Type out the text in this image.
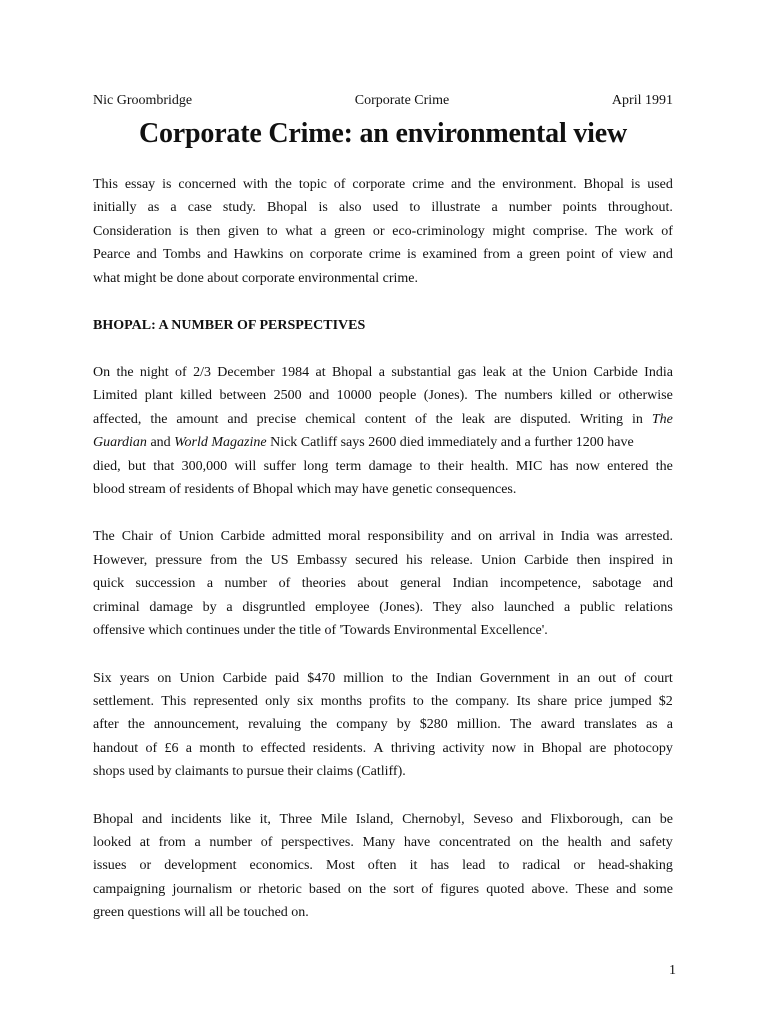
Nic Groombridge	Corporate Crime	April 1991
Corporate Crime: an environmental view
This essay is concerned with the topic of corporate crime and the environment. Bhopal is used
initially as a case study. Bhopal is also used to illustrate a number points throughout.
Consideration is then given to what a green or eco-criminology might comprise. The work of
Pearce and Tombs and Hawkins on corporate crime is examined from a green point of view and
what might be done about corporate environmental crime.
BHOPAL: A NUMBER OF PERSPECTIVES
On the night of 2/3 December 1984 at Bhopal a substantial gas leak at the Union Carbide India
Limited plant killed between 2500 and 10000 people (Jones). The numbers killed or otherwise
affected, the amount and precise chemical content of the leak are disputed. Writing in The
Guardian and World Magazine Nick Catliff says 2600 died immediately and a further 1200 have
died, but that 300,000 will suffer long term damage to their health. MIC has now entered the
blood stream of residents of Bhopal which may have genetic consequences.
The Chair of Union Carbide admitted moral responsibility and on arrival in India was arrested.
However, pressure from the US Embassy secured his release. Union Carbide then inspired in
quick succession a number of theories about general Indian incompetence, sabotage and
criminal damage by a disgruntled employee (Jones). They also launched a public relations
offensive which continues under the title of 'Towards Environmental Excellence'.
Six years on Union Carbide paid $470 million to the Indian Government in an out of court
settlement. This represented only six months profits to the company. Its share price jumped $2
after the announcement, revaluing the company by $280 million. The award translates as a
handout of £6 a month to effected residents. A thriving activity now in Bhopal are photocopy
shops used by claimants to pursue their claims (Catliff).
Bhopal and incidents like it, Three Mile Island, Chernobyl, Seveso and Flixborough, can be
looked at from a number of perspectives. Many have concentrated on the health and safety
issues or development economics. Most often it has lead to radical or head-shaking
campaigning journalism or rhetoric based on the sort of figures quoted above. These and some
green questions will all be touched on.
1
